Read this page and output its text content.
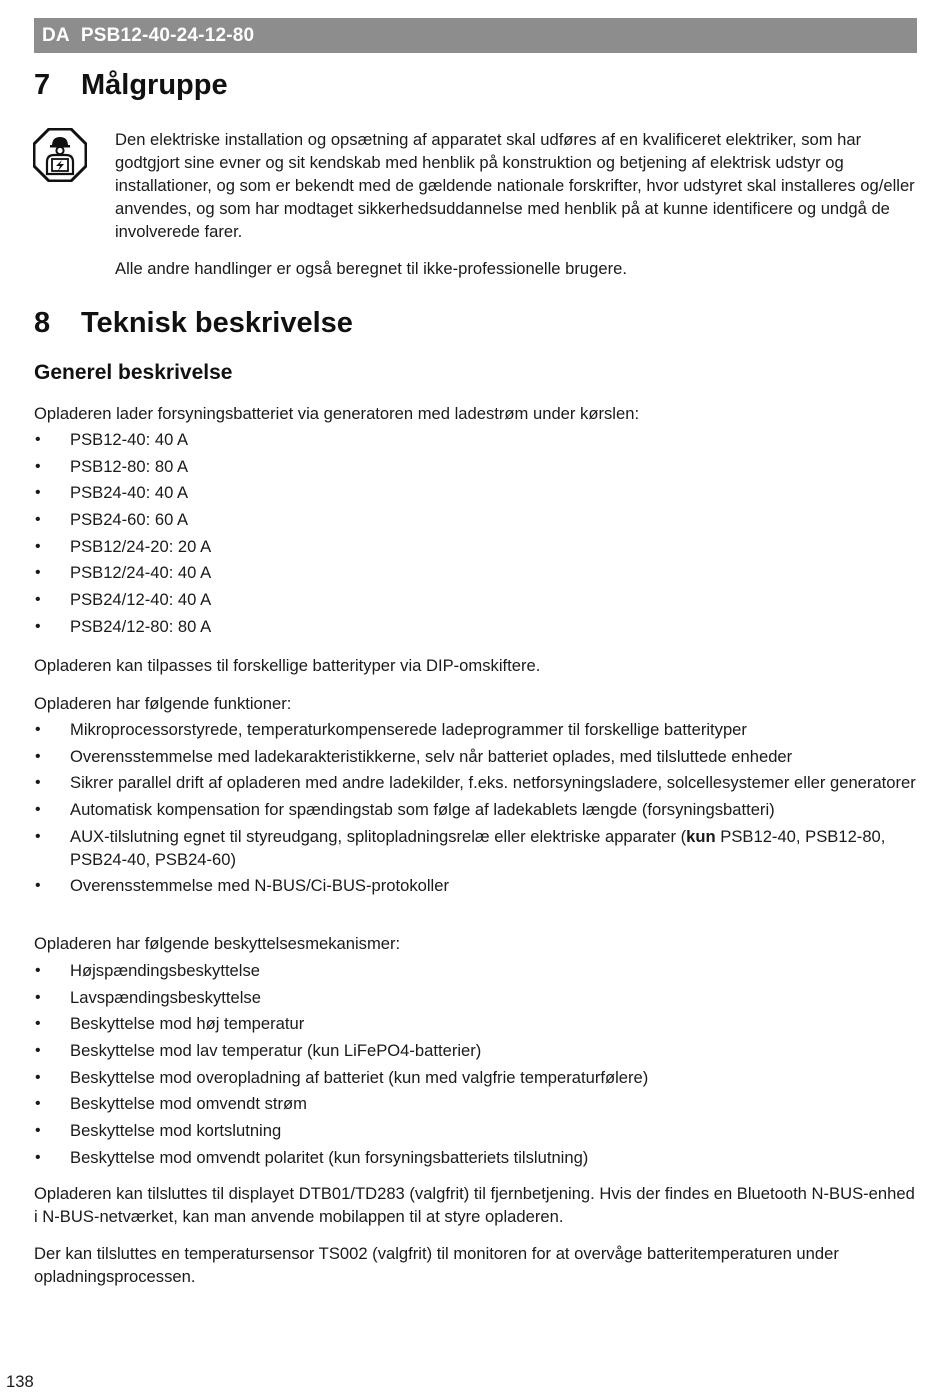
DA PSB12-40-24-12-80
7 Målgruppe

Den elektriske installation og opsætning af apparatet skal udføres af en kvalificeret elektriker, som har godtgjort sine evner og sit kendskab med henblik på konstruktion og betjening af elektrisk udstyr og installationer, og som er bekendt med de gældende nationale forskrifter, hvor udstyret skal installeres og/eller anvendes, og som har modtaget sikkerhedsuddannelse med henblik på at kunne identificere og undgå de involverede farer.

Alle andre handlinger er også beregnet til ikke-professionelle brugere.

8 Teknisk beskrivelse
Generel beskrivelse

Opladeren lader forsyningsbatteriet via generatoren med ladestrøm under kørslen:

• PSB12-40: 40 A
• PSB12-80: 80 A
• PSB24-40: 40 A
• PSB24-60: 60 A
• PSB12/24-20: 20 A
• PSB12/24-40: 40 A
• PSB24/12-40: 40 A
• PSB24/12-80: 80 A

Opladeren kan tilpasses til forskellige batterityper via DIP-omskiftere.

Opladeren har følgende funktioner:

• Mikroprocessorstyrede, temperaturkompenserede ladeprogrammer til forskellige batterityper
• Overensstemmelse med ladekarakteristikkerne, selv når batteriet oplades, med tilsluttede enheder
• Sikrer parallel drift af opladeren med andre ladekilder, f.eks. netforsyningsladere, solcellesystemer eller generatorer
• Automatisk kompensation for spændingstab som følge af ladekablets længde (forsyningsbatteri)
• AUX-tilslutning egnet til styreudgang, splitopladningsrelæ eller elektriske apparater (kun PSB12-40, PSB12-80, PSB24-40, PSB24-60)
• Overensstemmelse med N-BUS/Ci-BUS-protokoller

Opladeren har følgende beskyttelsesmekanismer:

• Højspændingsbeskyttelse
• Lavspændingsbeskyttelse
• Beskyttelse mod høj temperatur
• Beskyttelse mod lav temperatur (kun LiFePO4-batterier)
• Beskyttelse mod overopladning af batteriet (kun med valgfrie temperaturfølere)
• Beskyttelse mod omvendt strøm
• Beskyttelse mod kortslutning
• Beskyttelse mod omvendt polaritet (kun forsyningsbatteriets tilslutning)

Opladeren kan tilsluttes til displayet DTB01/TD283 (valgfrit) til fjernbetjening. Hvis der findes en Bluetooth N-BUS-enhed i N-BUS-netværket, kan man anvende mobilappen til at styre opladeren.

Der kan tilsluttes en temperatursensor TS002 (valgfrit) til monitoren for at overvåge batteritemperaturen under opladningsprocessen.

138
